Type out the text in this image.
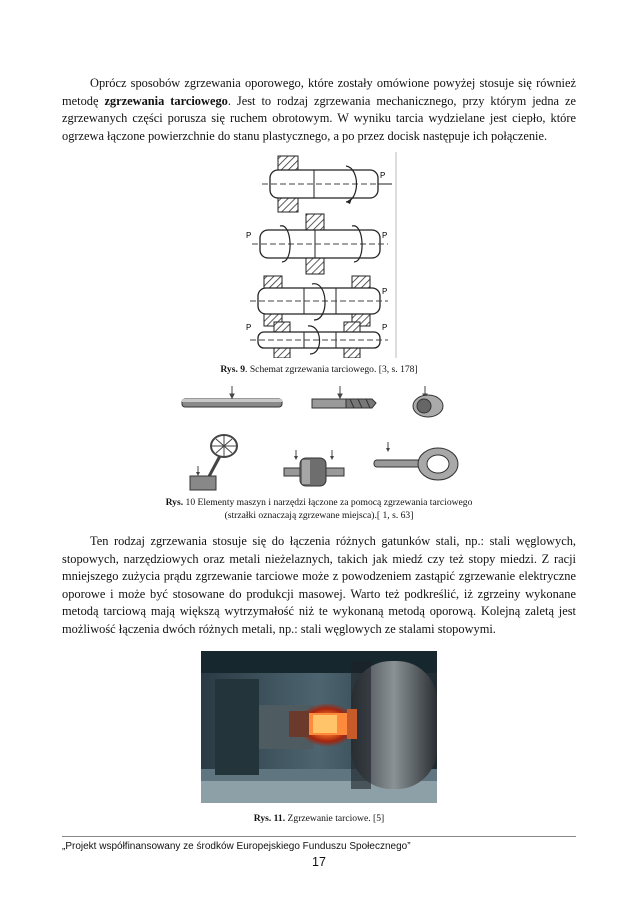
Oprócz sposobów zgrzewania oporowego, które zostały omówione powyżej stosuje się również metodę zgrzewania tarciowego. Jest to rodzaj zgrzewania mechanicznego, przy którym jedna ze zgrzewanych części porusza się ruchem obrotowym. W wyniku tarcia wydzielane jest ciepło, które ogrzewa łączone powierzchnie do stanu plastycznego, a po przez docisk następuje ich połączenie.

P
P	P
P
P	P

Rys. 9. Schemat zgrzewania tarciowego. [3, s. 178]

Rys. 10 Elementy maszyn i narzędzi łączone za pomocą zgrzewania tarciowego
(strzałki oznaczają zgrzewane miejsca).[ 1, s. 63]

Ten rodzaj zgrzewania stosuje się do łączenia różnych gatunków stali, np.: stali węglowych, stopowych, narzędziowych oraz metali nieżelaznych, takich jak miedź czy też stopy miedzi. Z racji mniejszego zużycia prądu zgrzewanie tarciowe może z powodzeniem zastąpić zgrzewanie elektryczne oporowe i może być stosowane do produkcji masowej. Warto też podkreślić, iż zgrzeiny wykonane metodą tarciową mają większą wytrzymałość niż te wykonaną metodą oporową. Kolejną zaletą jest możliwość łączenia dwóch różnych metali, np.: stali węglowych ze stalami stopowymi.

Rys. 11. Zgrzewanie tarciowe. [5]

„Projekt współfinansowany ze środków Europejskiego Funduszu Społecznego”
17
